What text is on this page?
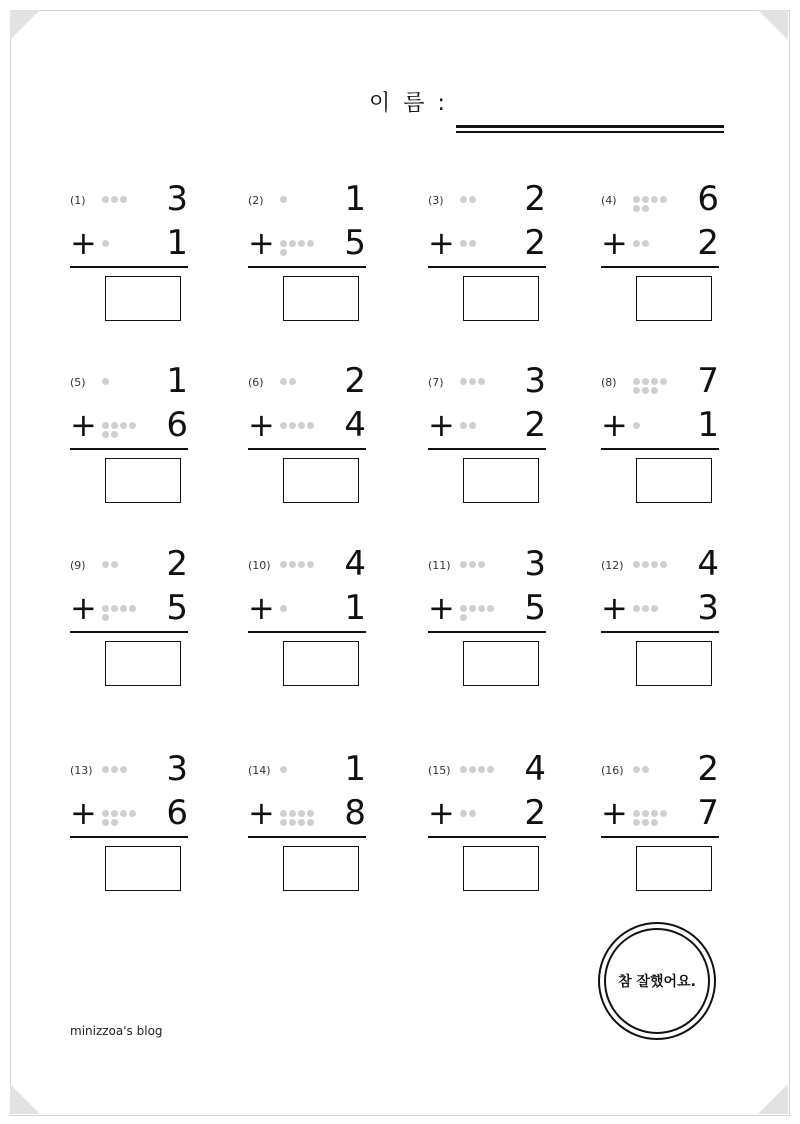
이 름 :
(1)	3
+	1
(2)	1
+	5
(3)	2
+	2
(4)	6
+	2
(5)	1
+	6
(6)	2
+	4
(7)	3
+	2
(8)	7
+	1
(9)	2
+	5
(10)	4
+	1
(11)	3
+	5
(12)	4
+	3
(13)	3
+	6
(14)	1
+	8
(15)	4
+	2
(16)	2
+	7
minizzoa's blog
참 잘했어요.
